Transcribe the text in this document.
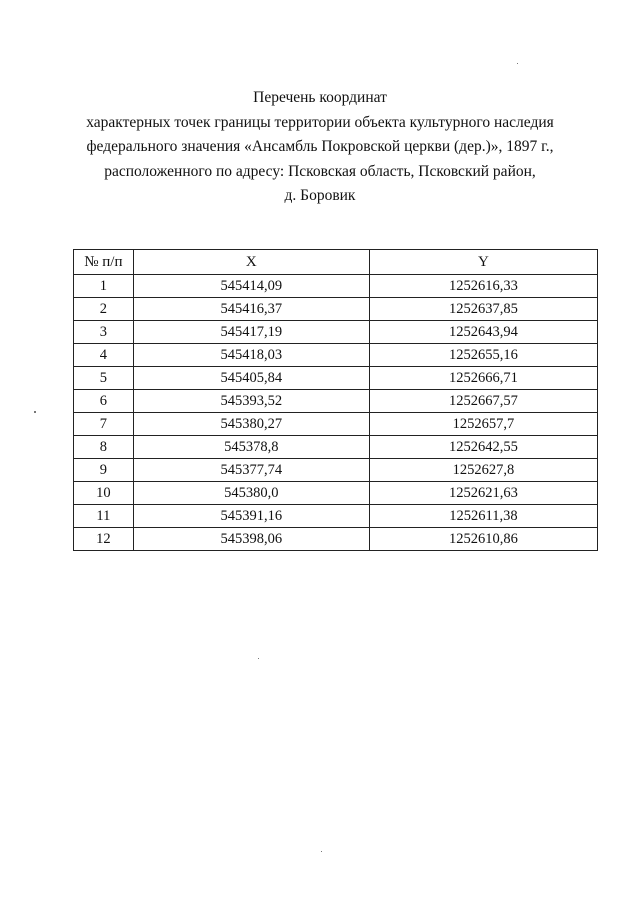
Перечень координат
характерных точек границы территории объекта культурного наследия
федерального значения «Ансамбль Покровской церкви (дер.)», 1897 г.,
расположенного по адресу: Псковская область, Псковский район,
д. Боровик
№ п/п	X	Y
1	545414,09	1252616,33
2	545416,37	1252637,85
3	545417,19	1252643,94
4	545418,03	1252655,16
5	545405,84	1252666,71
6	545393,52	1252667,57
7	545380,27	1252657,7
8	545378,8	1252642,55
9	545377,74	1252627,8
10	545380,0	1252621,63
11	545391,16	1252611,38
12	545398,06	1252610,86
